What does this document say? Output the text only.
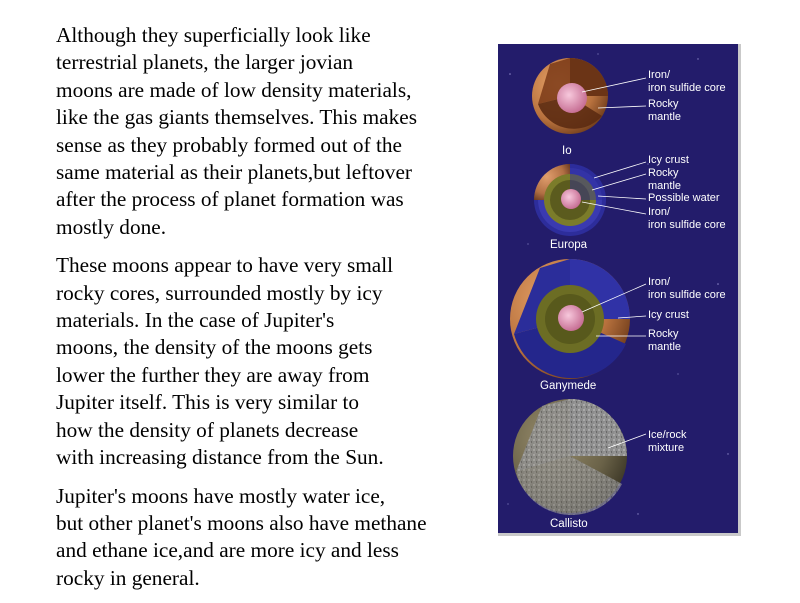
Although they superficially look like
terrestrial planets, the larger jovian
moons are made of low density materials,
like the gas giants themselves. This makes
sense as they probably formed out of the
same material as their planets,but leftover
after the process of planet formation was
mostly done.

These moons appear to have very small
rocky cores, surrounded mostly by icy
materials. In the case of Jupiter's
moons, the density of the moons gets
lower the further they are away from
Jupiter itself. This is very similar to
how the density of planets decrease
with increasing distance from the Sun.

Jupiter's moons have mostly water ice,
but other planet's moons also have methane
and ethane ice,and are more icy and less
rocky in general.

Iron/
iron sulfide core
Rocky
mantle
Io
Icy crust
Rocky
mantle
Possible water
Iron/
iron sulfide core
Europa
Iron/
iron sulfide core
Icy crust
Rocky
mantle
Ganymede
Ice/rock
mixture
Callisto
